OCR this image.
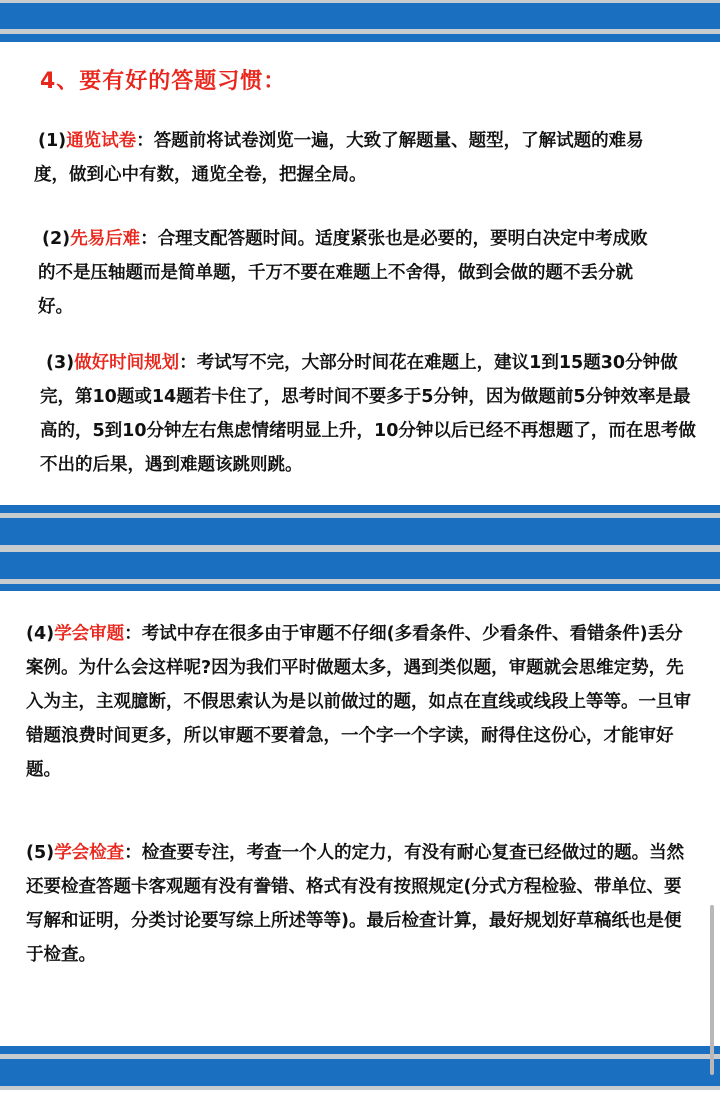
4、要有好的答题习惯：

(1)通览试卷：答题前将试卷浏览一遍，大致了解题量、题型，了解试题的难易度，做到心中有数，通览全卷，把握全局。

(2)先易后难：合理支配答题时间。适度紧张也是必要的，要明白决定中考成败的不是压轴题而是简单题，千万不要在难题上不舍得，做到会做的题不丢分就好。

(3)做好时间规划：考试写不完，大部分时间花在难题上，建议1到15题30分钟做完，第10题或14题若卡住了，思考时间不要多于5分钟，因为做题前5分钟效率是最高的，5到10分钟左右焦虑情绪明显上升，10分钟以后已经不再想题了，而在思考做不出的后果，遇到难题该跳则跳。

(4)学会审题：考试中存在很多由于审题不仔细(多看条件、少看条件、看错条件)丢分案例。为什么会这样呢?因为我们平时做题太多，遇到类似题，审题就会思维定势，先入为主，主观臆断，不假思索认为是以前做过的题，如点在直线或线段上等等。一旦审错题浪费时间更多，所以审题不要着急，一个字一个字读，耐得住这份心，才能审好题。

(5)学会检查：检查要专注，考查一个人的定力，有没有耐心复查已经做过的题。当然还要检查答题卡客观题有没有誊错、格式有没有按照规定(分式方程检验、带单位、要写解和证明，分类讨论要写综上所述等等)。最后检查计算，最好规划好草稿纸也是便于检查。
